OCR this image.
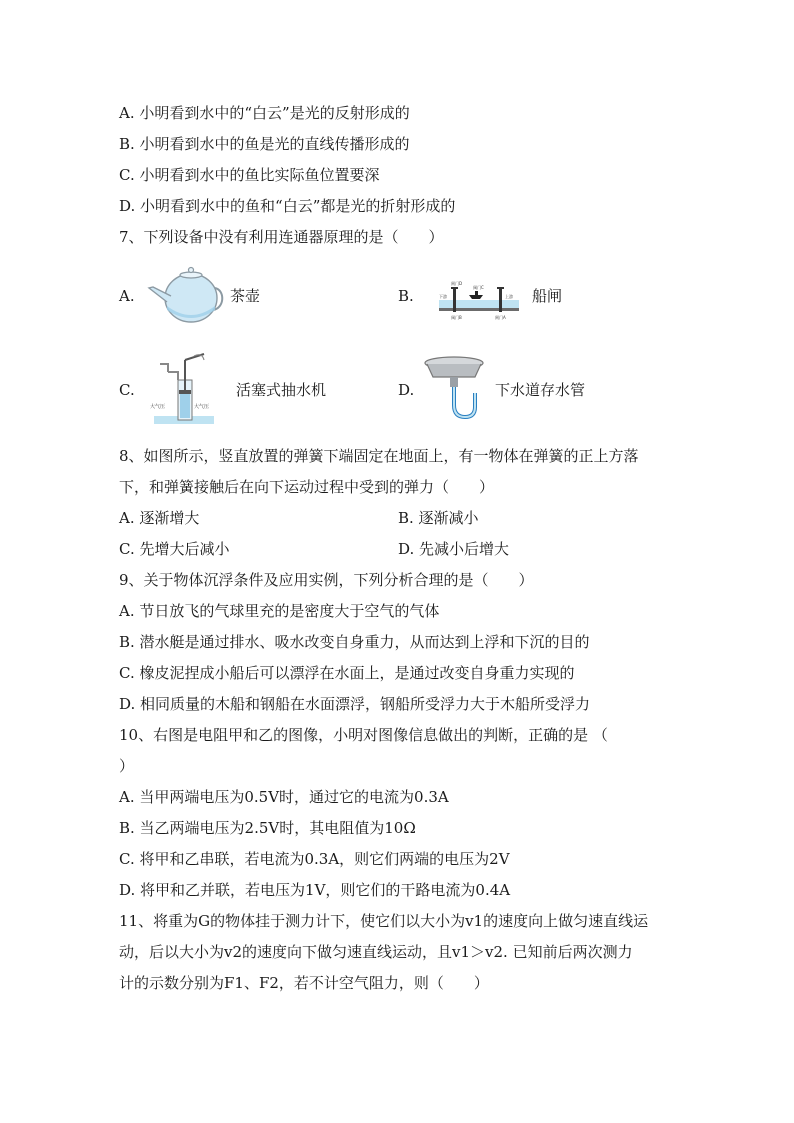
A. 小明看到水中的“白云”是光的反射形成的
B. 小明看到水中的鱼是光的直线传播形成的
C. 小明看到水中的鱼比实际鱼位置要深
D. 小明看到水中的鱼和“白云”都是光的折射形成的
7、下列设备中没有利用连通器原理的是（　　）
A.	茶壶	B.
闸门D
阀门C
上游
下游
阀门B	闸门A
船闸
C.
大气压	大气压
活塞式抽水机	D.	下水道存水管
8、如图所示，竖直放置的弹簧下端固定在地面上，有一物体在弹簧的正上方落
下，和弹簧接触后在向下运动过程中受到的弹力（　　）
A. 逐渐增大	B. 逐渐减小
C. 先增大后减小	D. 先减小后增大
9、关于物体沉浮条件及应用实例，下列分析合理的是（　　）
A. 节日放飞的气球里充的是密度大于空气的气体
B. 潜水艇是通过排水、吸水改变自身重力，从而达到上浮和下沉的目的
C. 橡皮泥捏成小船后可以漂浮在水面上，是通过改变自身重力实现的
D. 相同质量的木船和钢船在水面漂浮，钢船所受浮力大于木船所受浮力
10、右图是电阻甲和乙的图像，小明对图像信息做出的判断，正确的是 （
）
A. 当甲两端电压为0.5V时，通过它的电流为0.3A
B. 当乙两端电压为2.5V时，其电阻值为10Ω
C. 将甲和乙串联，若电流为0.3A，则它们两端的电压为2V
D. 将甲和乙并联，若电压为1V，则它们的干路电流为0.4A
11、将重为G的物体挂于测力计下，使它们以大小为v1的速度向上做匀速直线运
动，后以大小为v2的速度向下做匀速直线运动，且v1＞v2. 已知前后两次测力
计的示数分别为F1、F2，若不计空气阻力，则（　　）
